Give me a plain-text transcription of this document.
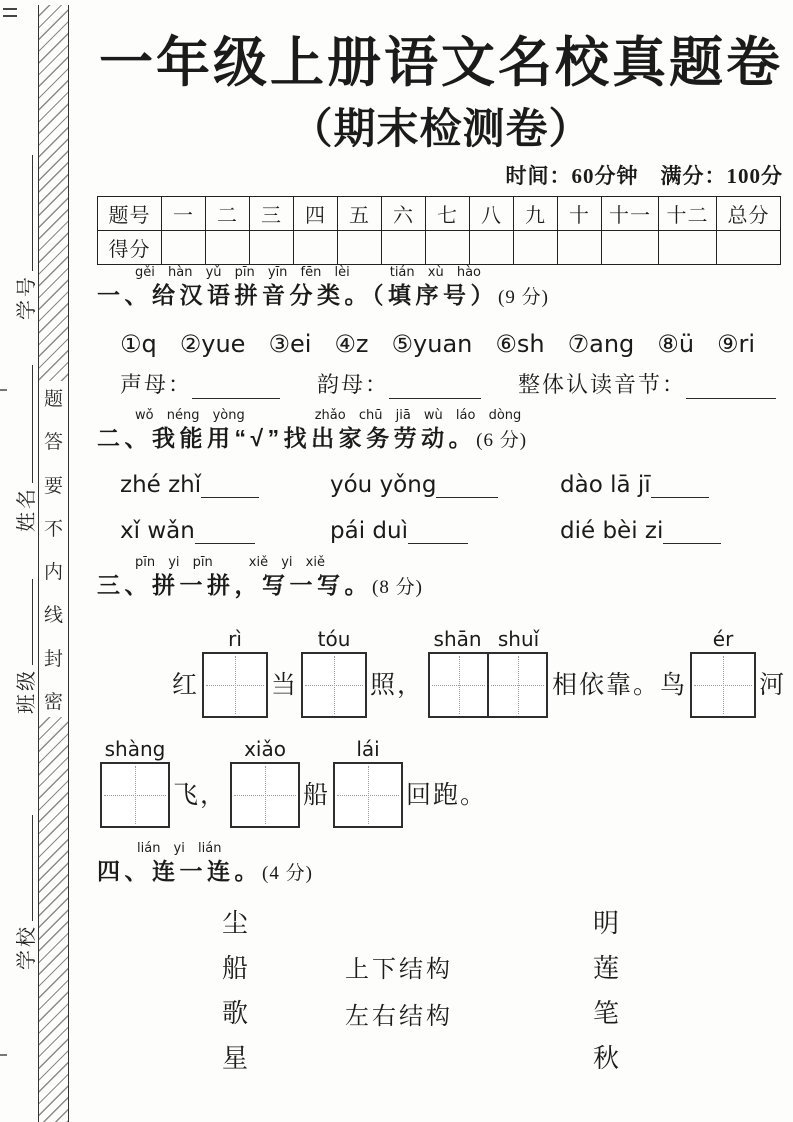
学号
姓名
班级
学校
题
答
要
不
内
线
封
密
一年级上册语文名校真题卷
（期末检测卷）
时间：60分钟　满分：100分
题号	一	二	三	四	五	六	七	八	九	十	十一	十二	总分
得分													
gěi hàn yǔ pīn yīn fēn lèi	tián xù hào
一、给汉语拼音分类。（填序号）(9 分)
①q ②yue ③ei ④z ⑤yuan ⑥sh ⑦ang ⑧ü ⑨ri
声母：	韵母：	整体认读音节：
wǒ néng yòng	zhǎo chū jiā wù láo dòng
二、我能用“√”找出家务劳动。(6 分)
zhé zhǐ	yóu yǒng	dào lā jī
xǐ wǎn	pái duì	dié bèi zi
pīn yi pīn	xiě yi xiě
三、拼一拼，写一写。(8 分)
红
rì
当
tóu
照，
shān shuǐ
相依靠。鸟
ér
河
shàng
飞，
xiǎo
船
lái
回跑。
lián yi lián
四、连一连。(4 分)
尘
船
歌
星
上下结构
左右结构
明
莲
笔
秋
